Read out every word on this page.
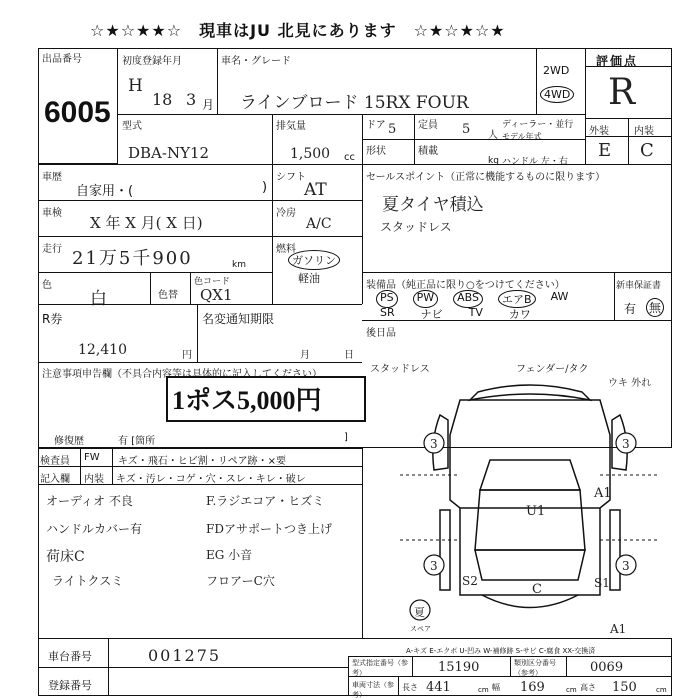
☆★☆★★☆　現車はJU 北見にあります　☆★☆★☆★
出品番号
6005
初度登録年月
H
18 3 月
車名・グレード
ラインブロード 15RX FOUR
2WD
4WD
評価点
R
外装	内装
E C
型式
DBA-NY12
排気量
1,500 cc
ドア 5 定員 5 人
ディーラー・並行
モデル年式
形状	積載
kg ハンドル 左・右
車歴
自家用・(	)
シフト
AT
セールスポイント（正常に機能するものに限ります）
夏タイヤ積込
スタッドレス
車検
X 年 X 月( X 日)
冷房
A/C
走行 21万5千900	km
燃料
ガソリン
軽油
色
白	色替
色コード
QX1
装備品（純正品に限り○をつけてください）
PS	PW	ABS	エアB	AW
SR ナビ TV カワ
新車保証書
有 無
R券
12,410	円
名変通知期限
月	日
後日品
注意事項申告欄（不具合内容等は具体的に記入してください）
1ポス5,000円
修復歴	有 [箇所	]
検査員 FW キズ・飛石・ヒビ割・リペア跡・×要
記入欄 内装 キズ・汚レ・コゲ・穴・スレ・キレ・破レ
オーディオ 不良	F.ラジエコア・ヒズミ
ハンドルカバー有	FDアサポートつき上げ
荷床C	EG 小音
ライトクスミ	フロアーC穴
スタッドレス	フェンダー/タク
ウキ 外れ
3	3
3	3
A1
U1
S2
C	S1
A1
夏
スペア
A-キズ E-エクボ U-凹み W-補修跡 S-サビ C-腐食 XX-交換済
車台番号	001275
登録番号
型式指定番号（参考）	15190	類別区分番号（参考）	0069
車両寸法（参考）
長さ 441	cm 幅 169	cm 高さ 150	cm
